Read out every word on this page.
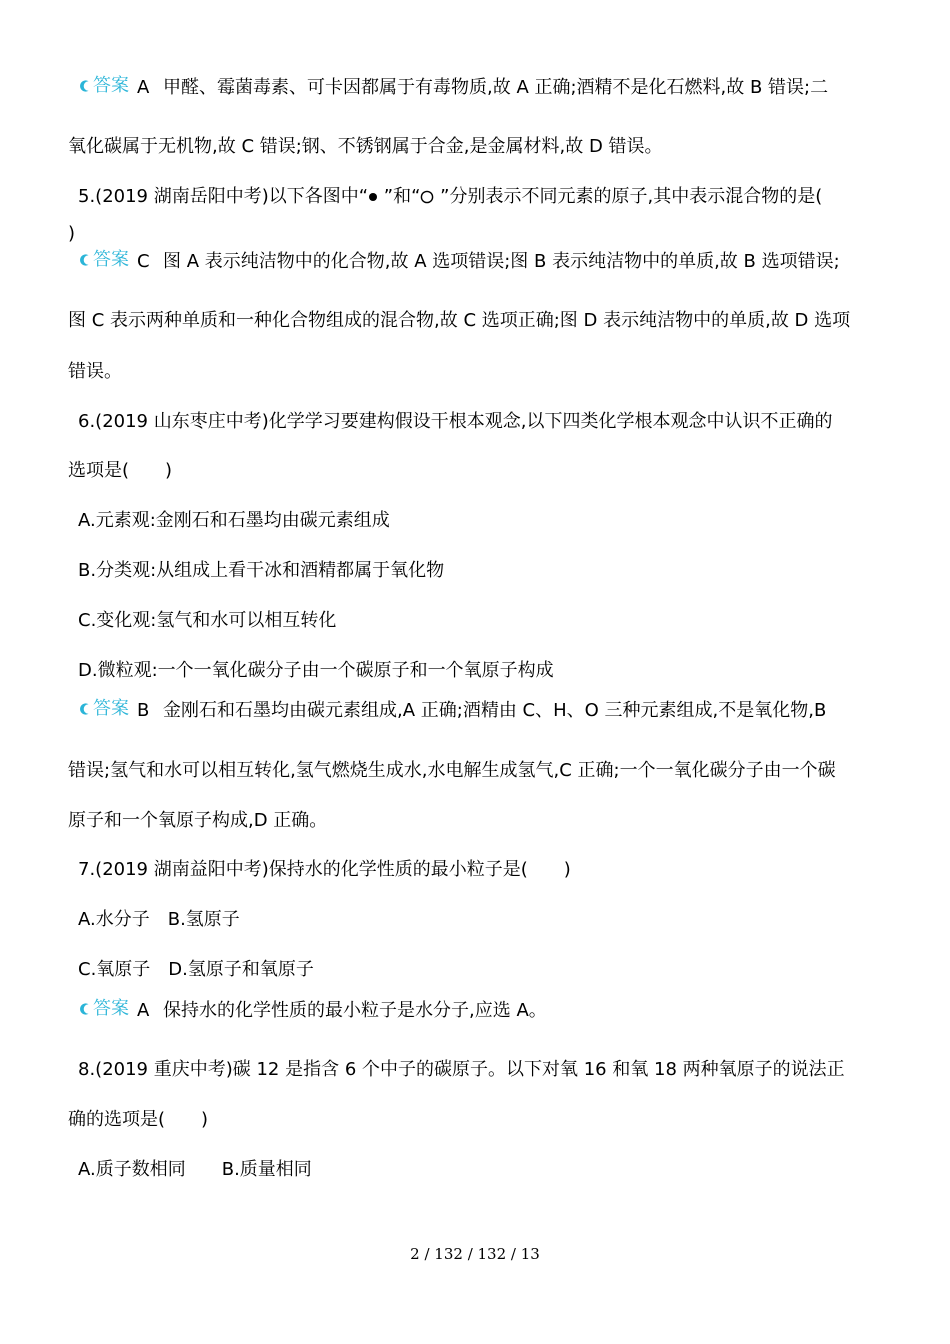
答案 A 甲醛、霉菌毒素、可卡因都属于有毒物质,故 A 正确;酒精不是化石燃料,故 B 错误;二
氧化碳属于无机物,故 C 错误;钢、不锈钢属于合金,是金属材料,故 D 错误。
5.(2019 湖南岳阳中考)以下各图中“ ”和“ ”分别表示不同元素的原子,其中表示混合物的是(
)
答案 C 图 A 表示纯洁物中的化合物,故 A 选项错误;图 B 表示纯洁物中的单质,故 B 选项错误;
图 C 表示两种单质和一种化合物组成的混合物,故 C 选项正确;图 D 表示纯洁物中的单质,故 D 选项
错误。
6.(2019 山东枣庄中考)化学学习要建构假设干根本观念,以下四类化学根本观念中认识不正确的
选项是(　　)
A.元素观:金刚石和石墨均由碳元素组成
B.分类观:从组成上看干冰和酒精都属于氧化物
C.变化观:氢气和水可以相互转化
D.微粒观:一个一氧化碳分子由一个碳原子和一个氧原子构成
答案 B 金刚石和石墨均由碳元素组成,A 正确;酒精由 C、H、O 三种元素组成,不是氧化物,B
错误;氢气和水可以相互转化,氢气燃烧生成水,水电解生成氢气,C 正确;一个一氧化碳分子由一个碳
原子和一个氧原子构成,D 正确。
7.(2019 湖南益阳中考)保持水的化学性质的最小粒子是(　　)
A.水分子　B.氢原子
C.氧原子　D.氢原子和氧原子
答案 A 保持水的化学性质的最小粒子是水分子,应选 A。
8.(2019 重庆中考)碳 12 是指含 6 个中子的碳原子。以下对氧 16 和氧 18 两种氧原子的说法正
确的选项是(　　)
A.质子数相同　　B.质量相同
2 / 132 / 132 / 13
